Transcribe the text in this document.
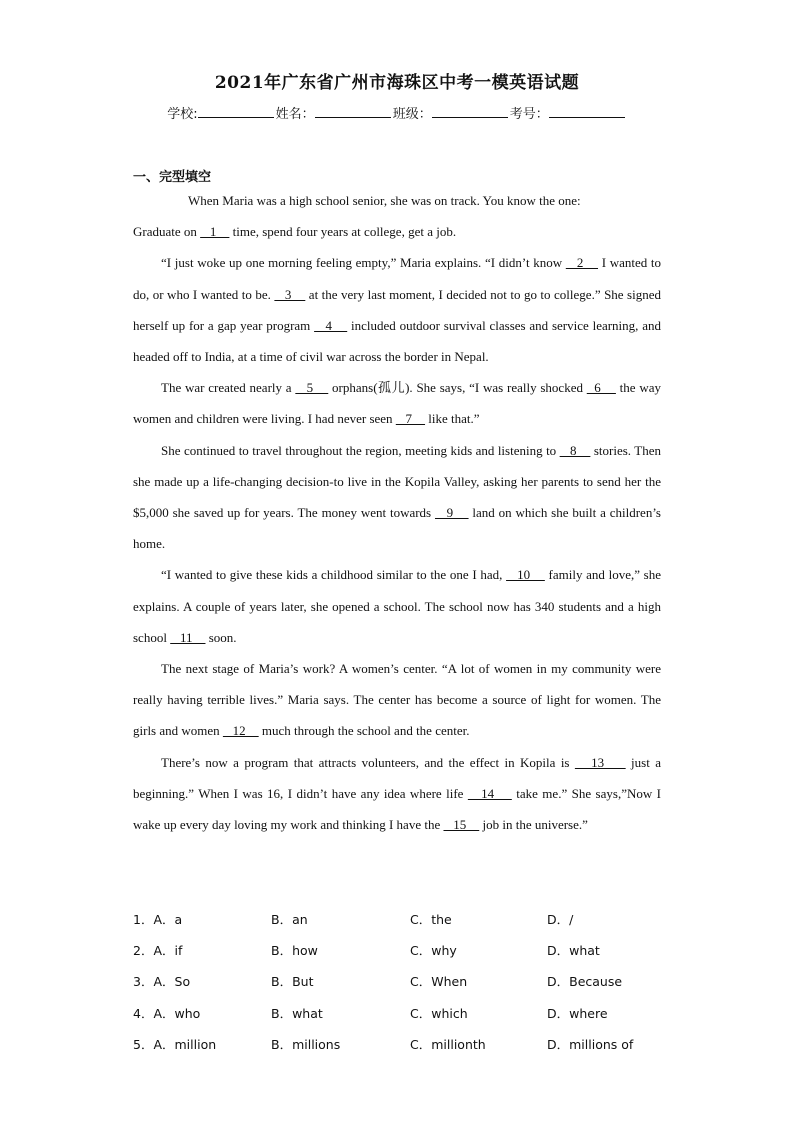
2021年广东省广州市海珠区中考一模英语试题
学校:	姓名：	班级：	考号：
一、完型填空

When Maria was a high school senior, she was on track. You know the one:
Graduate on    1     time, spend four years at college, get a job.

“I just woke up one morning feeling empty,” Maria explains. “I didn’t know    2     I wanted to do, or who I wanted to be.    3     at the very last moment, I decided not to go to college.” She signed herself up for a gap year program    4     included outdoor survival classes and service learning, and headed off to India, at a time of civil war across the border in Nepal.

The war created nearly a    5     orphans(孤儿). She says, “I was really shocked   6     the way women and children were living. I had never seen    7     like that.”

She continued to travel throughout the region, meeting kids and listening to    8     stories. Then she made up a life-changing decision-to live in the Kopila Valley, asking her parents to send her the $5,000 she saved up for years. The money went towards    9     land on which she built a children’s home.

“I wanted to give these kids a childhood similar to the one I had,    10     family and love,” she explains. A couple of years later, she opened a school. The school now has 340 students and a high school    11     soon.

The next stage of Maria’s work? A women’s center. “A lot of women in my community were really having terrible lives.” Maria says. The center has become a source of light for women. The girls and women    12     much through the school and the center.

There’s now a program that attracts volunteers, and the effect in Kopila is    13     just a beginning.” When I was 16, I didn’t have any idea where life    14     take me.” She says,”Now I wake up every day loving my work and thinking I have the    15     job in the universe.”

1．A．a	B．an	C．the	D．/
2．A．if	B．how	C．why	D．what
3．A．So	B．But	C．When	D．Because
4．A．who	B．what	C．which	D．where
5．A．million	B．millions	C．millionth	D．millions of
